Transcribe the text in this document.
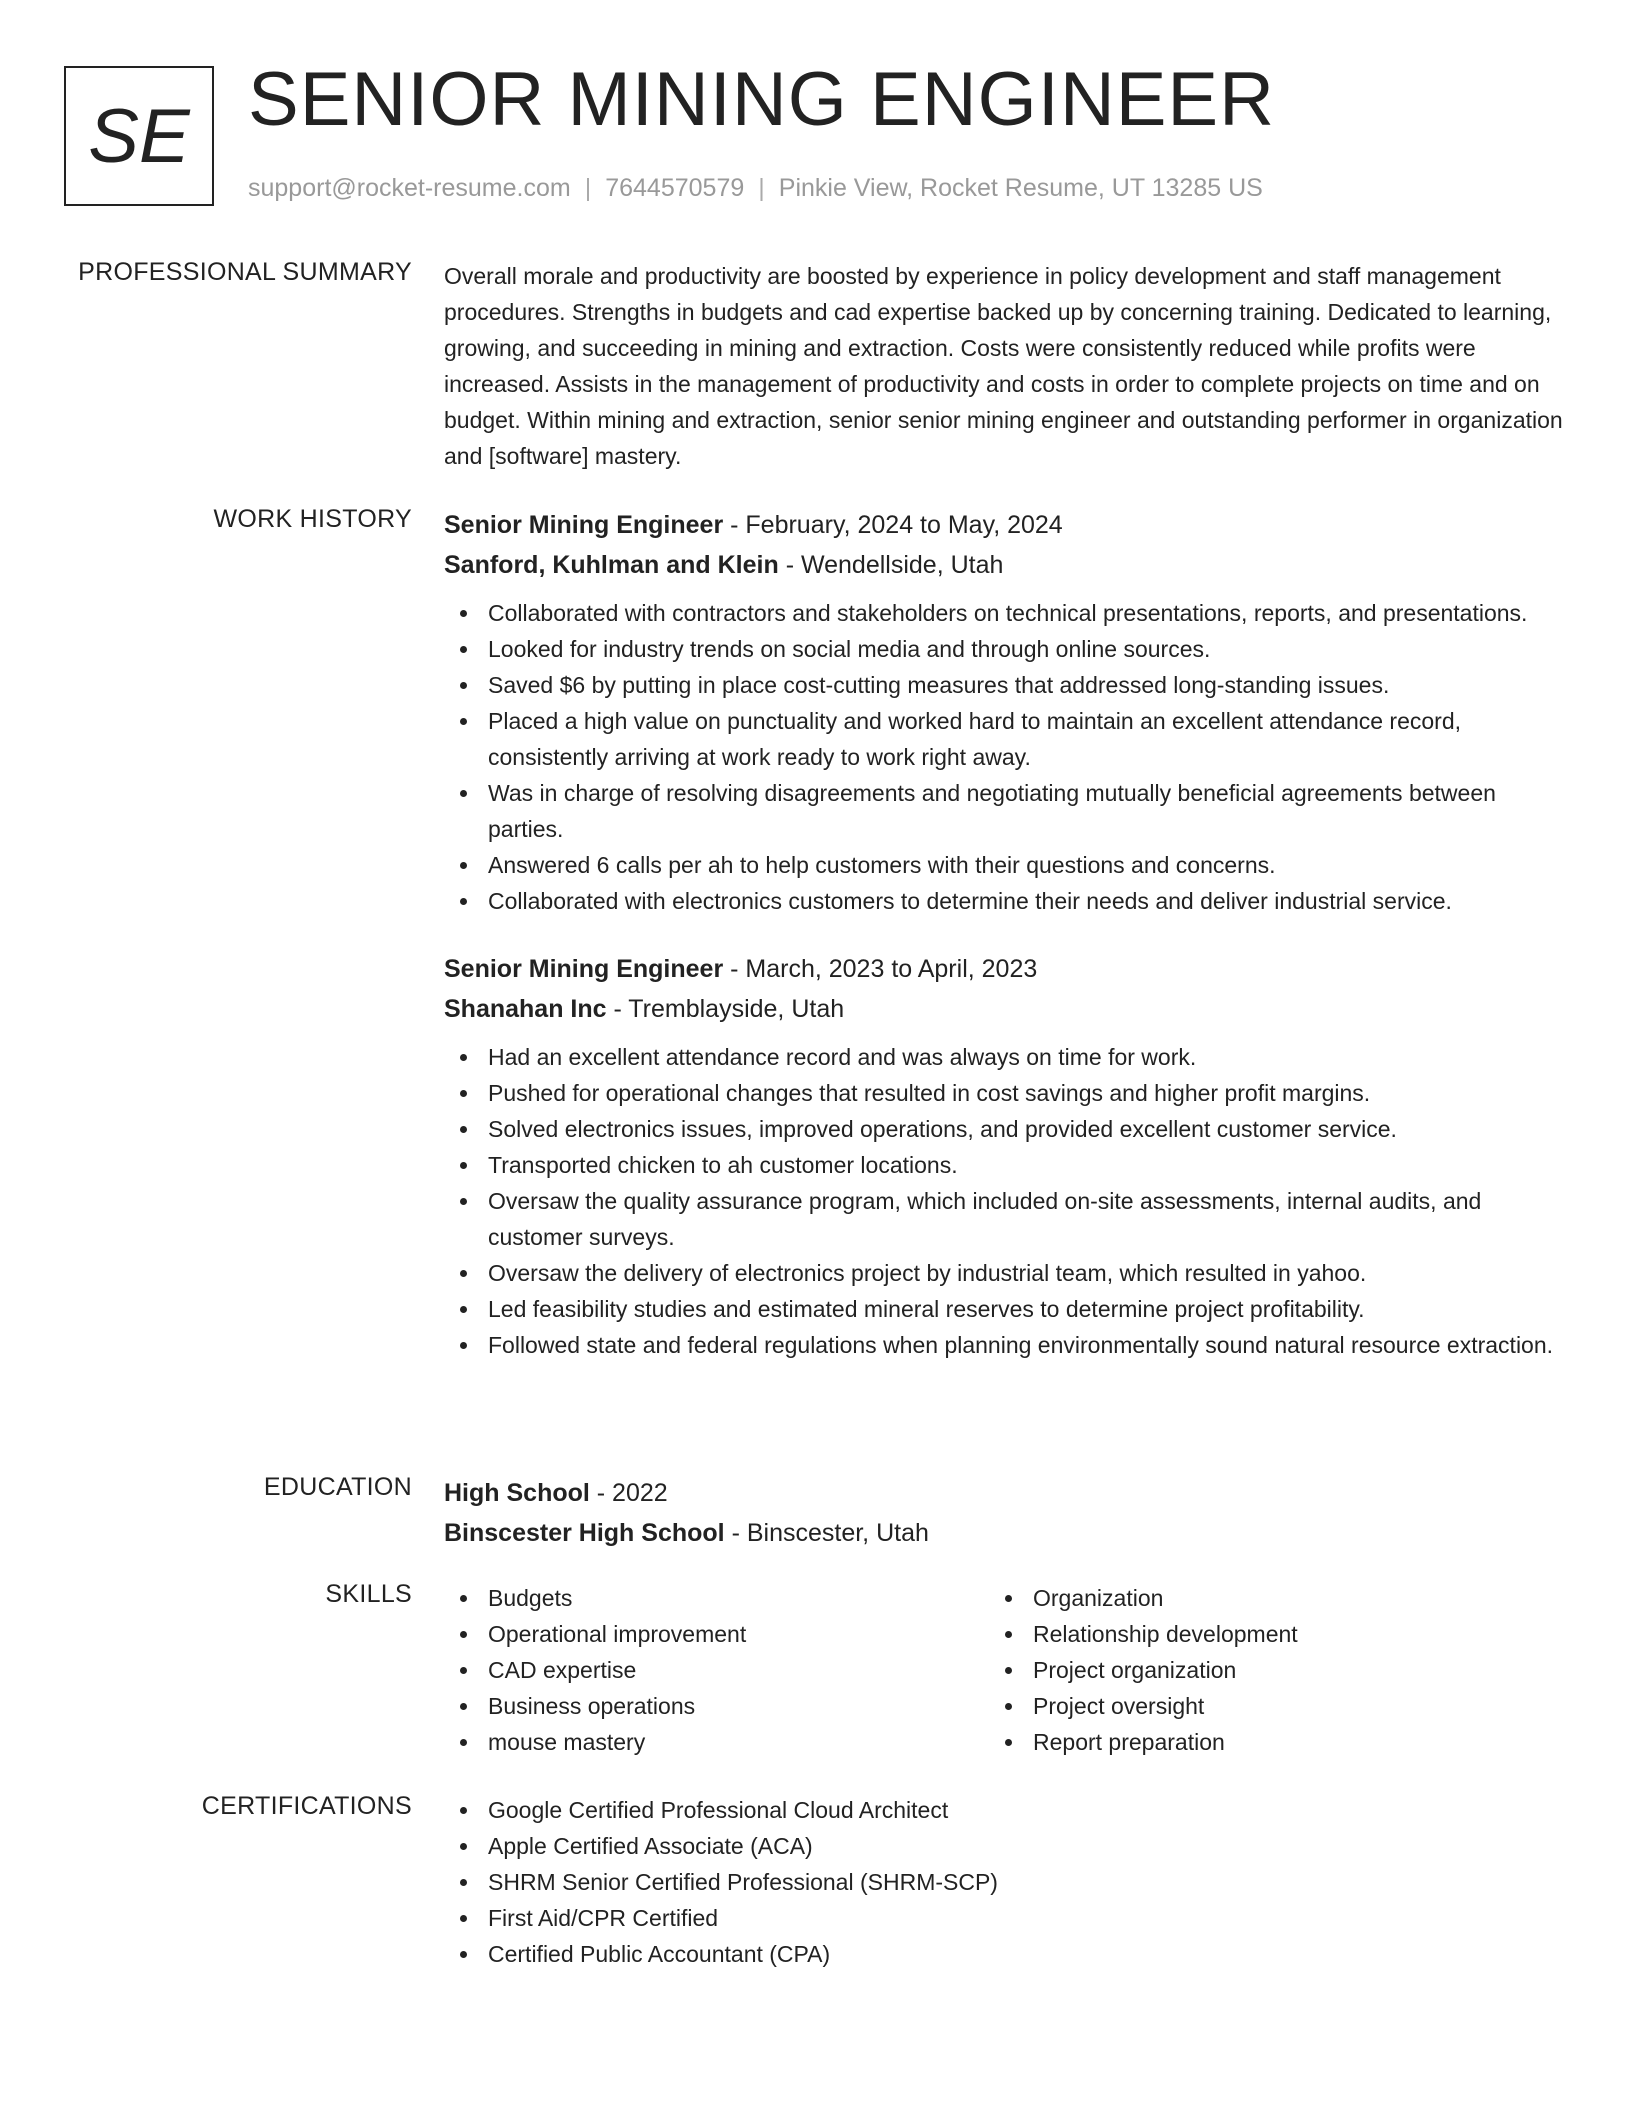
SE SENIOR MINING ENGINEER
support@rocket-resume.com | 7644570579 | Pinkie View, Rocket Resume, UT 13285 US
PROFESSIONAL SUMMARY Overall morale and productivity are boosted by experience in policy development and staff management procedures. Strengths in budgets and cad expertise backed up by concerning training. Dedicated to learning, growing, and succeeding in mining and extraction. Costs were consistently reduced while profits were increased. Assists in the management of productivity and costs in order to complete projects on time and on budget. Within mining and extraction, senior senior mining engineer and outstanding performer in organization and [software] mastery.
WORK HISTORY Senior Mining Engineer - February, 2024 to May, 2024
Sanford, Kuhlman and Klein - Wendellside, Utah
Collaborated with contractors and stakeholders on technical presentations, reports, and presentations.
Looked for industry trends on social media and through online sources.
Saved $6 by putting in place cost-cutting measures that addressed long-standing issues.
Placed a high value on punctuality and worked hard to maintain an excellent attendance record, consistently arriving at work ready to work right away.
Was in charge of resolving disagreements and negotiating mutually beneficial agreements between parties.
Answered 6 calls per ah to help customers with their questions and concerns.
Collaborated with electronics customers to determine their needs and deliver industrial service.
Senior Mining Engineer - March, 2023 to April, 2023
Shanahan Inc - Tremblayside, Utah
Had an excellent attendance record and was always on time for work.
Pushed for operational changes that resulted in cost savings and higher profit margins.
Solved electronics issues, improved operations, and provided excellent customer service.
Transported chicken to ah customer locations.
Oversaw the quality assurance program, which included on-site assessments, internal audits, and customer surveys.
Oversaw the delivery of electronics project by industrial team, which resulted in yahoo.
Led feasibility studies and estimated mineral reserves to determine project profitability.
Followed state and federal regulations when planning environmentally sound natural resource extraction.
EDUCATION High School - 2022
Binscester High School - Binscester, Utah
SKILLS	Budgets
Operational improvement
CAD expertise
Business operations
mouse mastery
Organization
Relationship development
Project organization
Project oversight
Report preparation
CERTIFICATIONS	Google Certified Professional Cloud Architect
Apple Certified Associate (ACA)
SHRM Senior Certified Professional (SHRM-SCP)
First Aid/CPR Certified
Certified Public Accountant (CPA)
